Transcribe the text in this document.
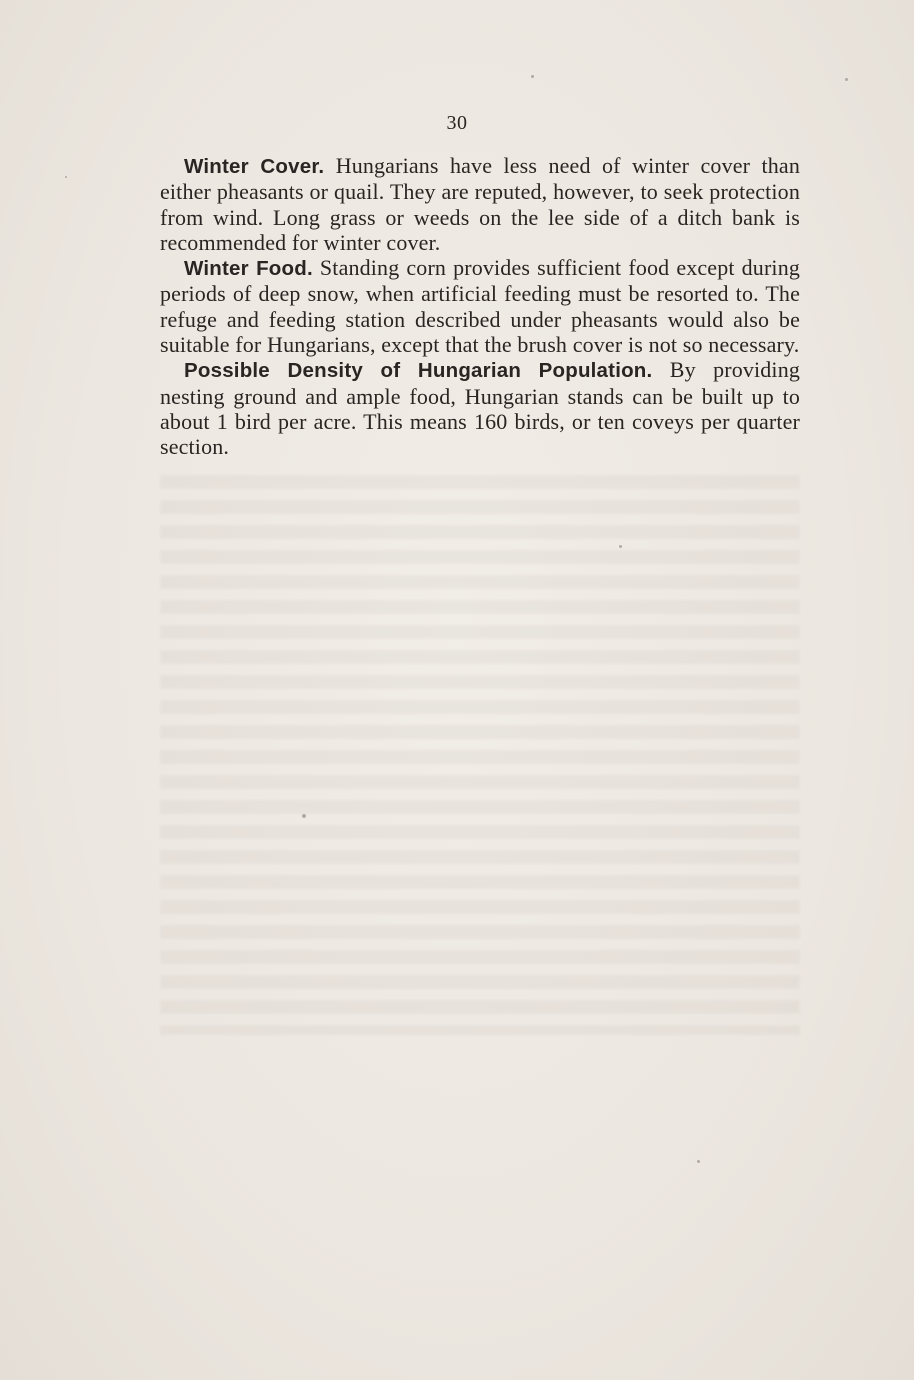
30

Winter Cover. Hungarians have less need of winter cover than either pheasants or quail. They are reputed, however, to seek protection from wind. Long grass or weeds on the lee side of a ditch bank is recommended for winter cover.

Winter Food. Standing corn provides sufficient food except during periods of deep snow, when artificial feeding must be resorted to. The refuge and feeding station described under pheasants would also be suitable for Hungarians, except that the brush cover is not so necessary.

Possible Density of Hungarian Population. By providing nesting ground and ample food, Hungarian stands can be built up to about 1 bird per acre. This means 160 birds, or ten coveys per quarter section.
